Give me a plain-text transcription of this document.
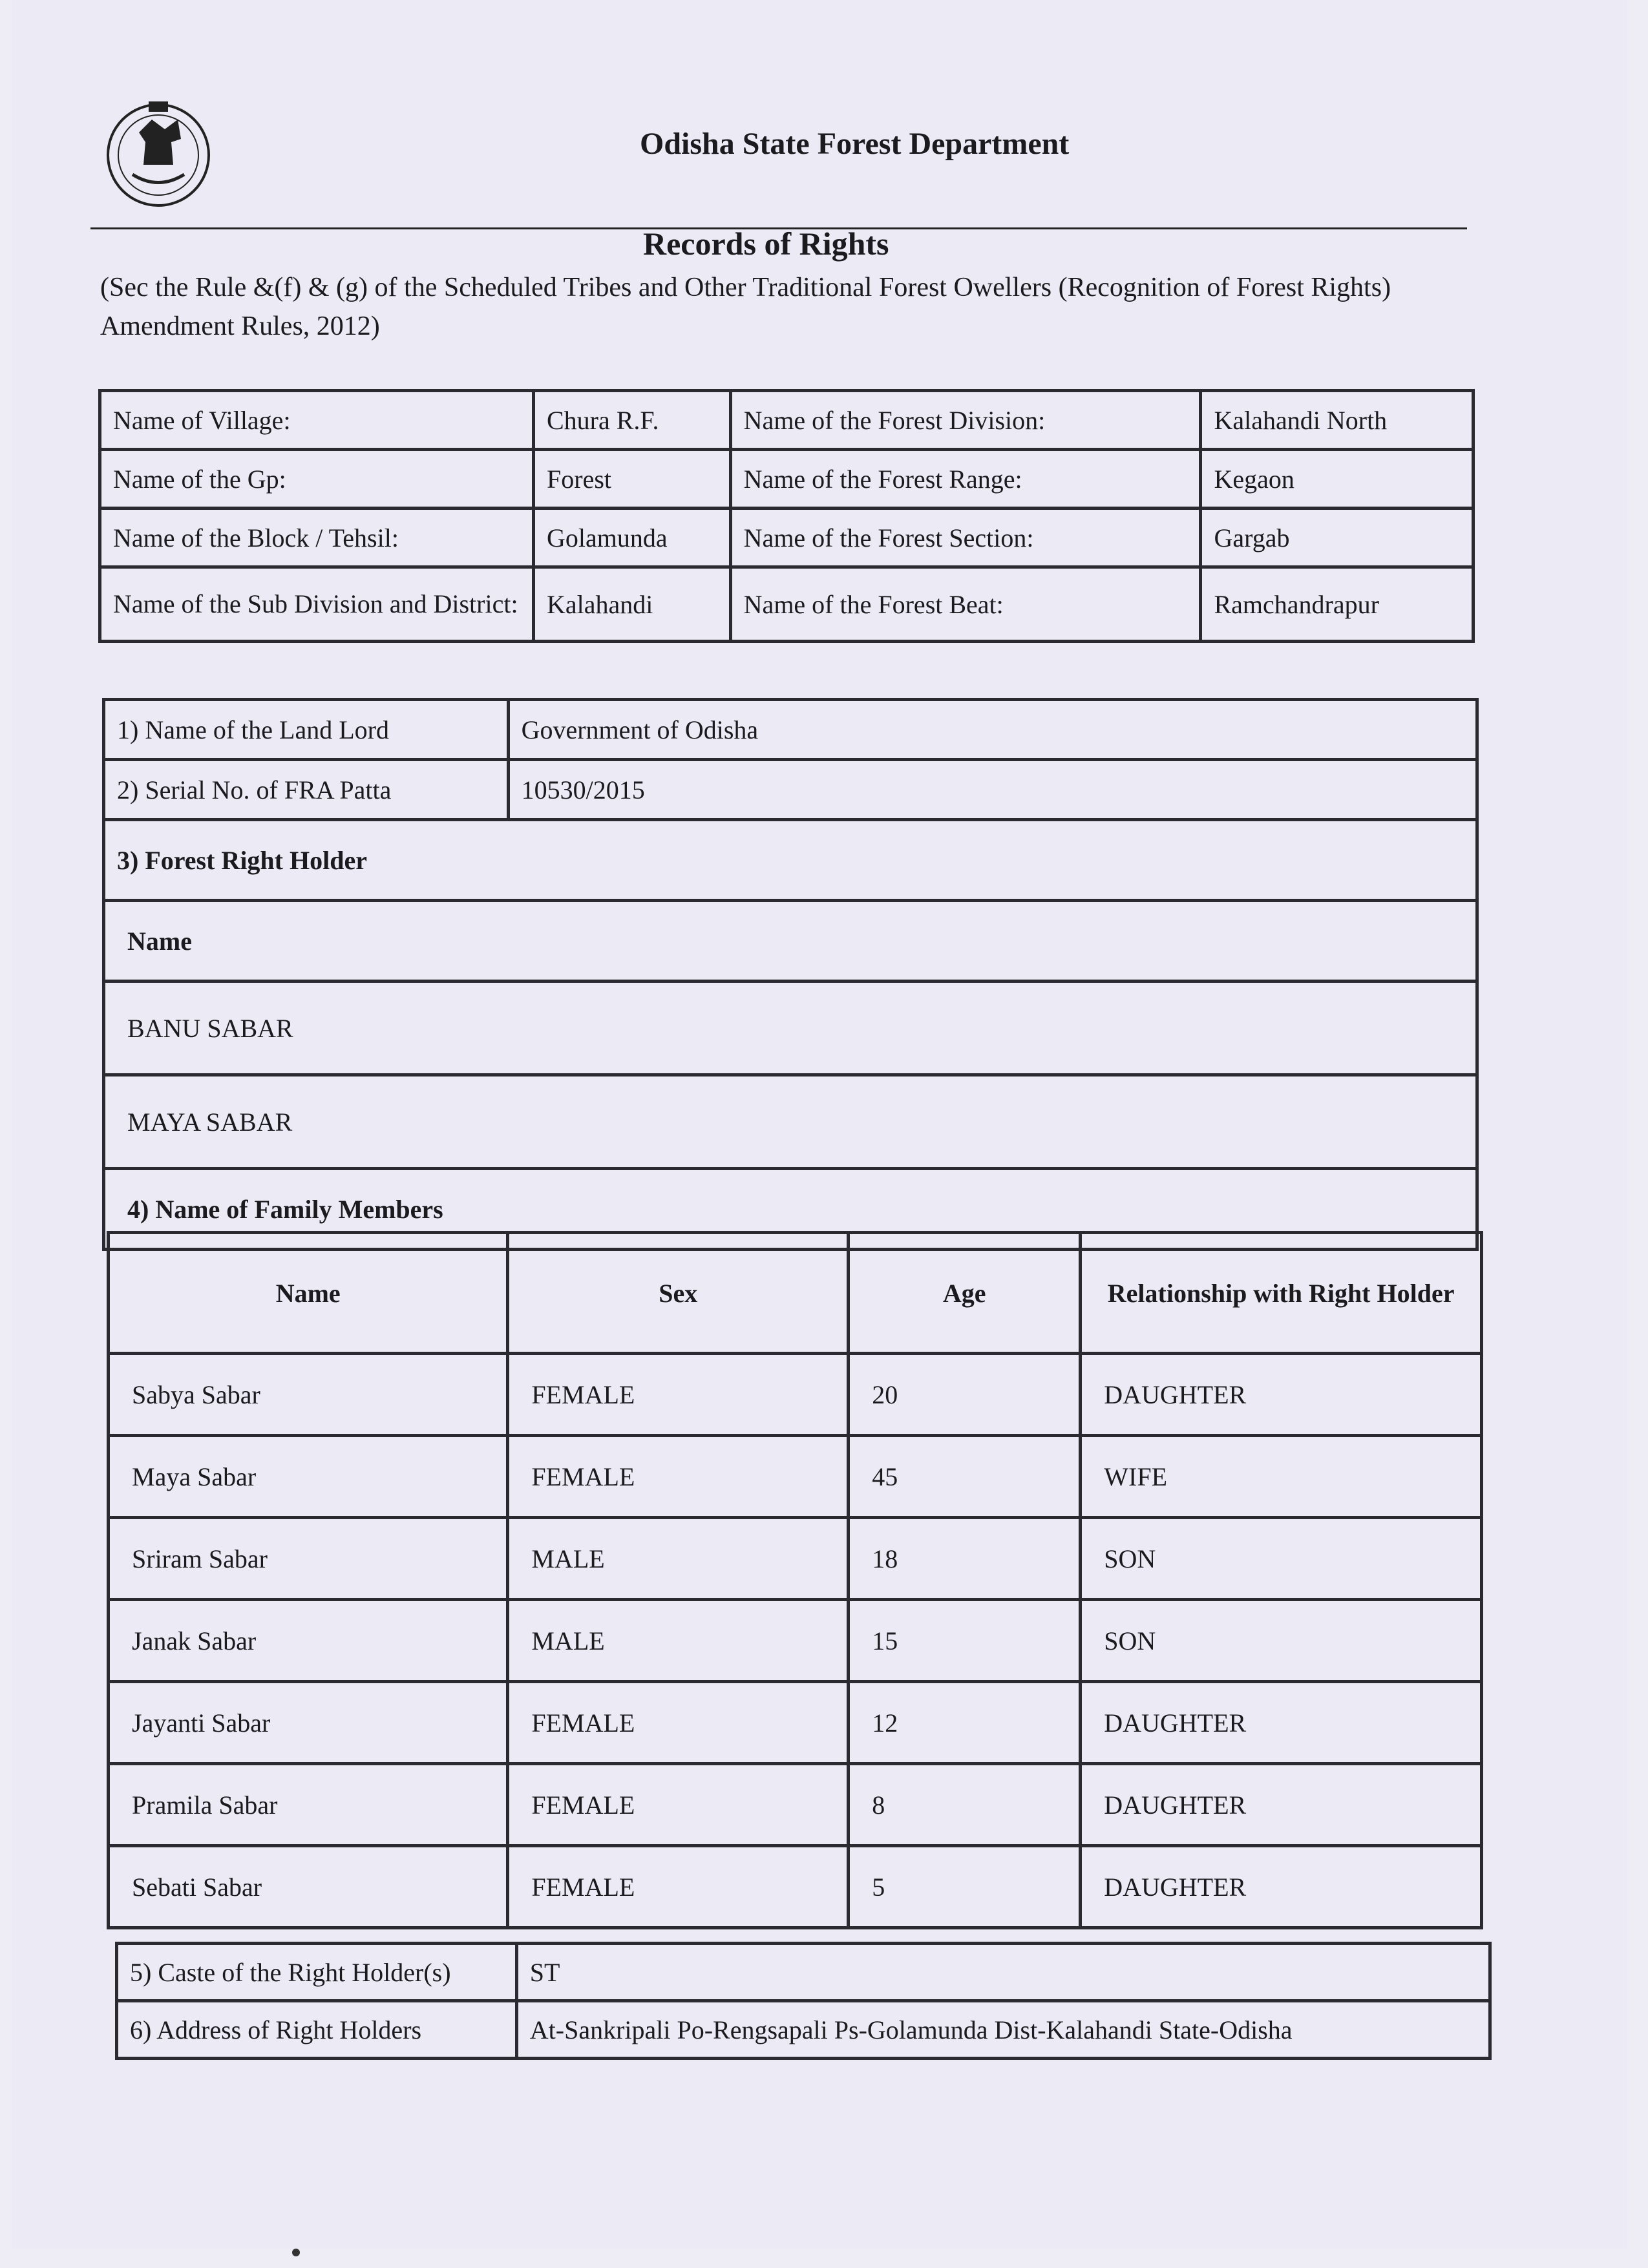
Odisha State Forest Department
Records of Rights
(Sec the Rule &(f) & (g) of the Scheduled Tribes and Other Traditional Forest Owellers (Recognition of Forest Rights) Amendment Rules, 2012)
Name of Village:	Chura R.F.	Name of the Forest Division:	Kalahandi North
Name of the Gp:	Forest	Name of the Forest Range:	Kegaon
Name of the Block / Tehsil:	Golamunda	Name of the Forest Section:	Gargab
Name of the Sub Division and District:	Kalahandi	Name of the Forest Beat:	Ramchandrapur
1) Name of the Land Lord	Government of Odisha
2) Serial No. of FRA Patta	10530/2015
3) Forest Right Holder	
Name	
BANU SABAR	
MAYA SABAR	
4) Name of Family Members	
Name	Sex	Age	Relationship with Right Holder
Sabya Sabar	FEMALE	20	DAUGHTER
Maya Sabar	FEMALE	45	WIFE
Sriram Sabar	MALE	18	SON
Janak Sabar	MALE	15	SON
Jayanti Sabar	FEMALE	12	DAUGHTER
Pramila Sabar	FEMALE	8	DAUGHTER
Sebati Sabar	FEMALE	5	DAUGHTER
5) Caste of the Right Holder(s)	ST
6) Address of Right Holders	At-Sankripali Po-Rengsapali Ps-Golamunda Dist-Kalahandi State-Odisha
